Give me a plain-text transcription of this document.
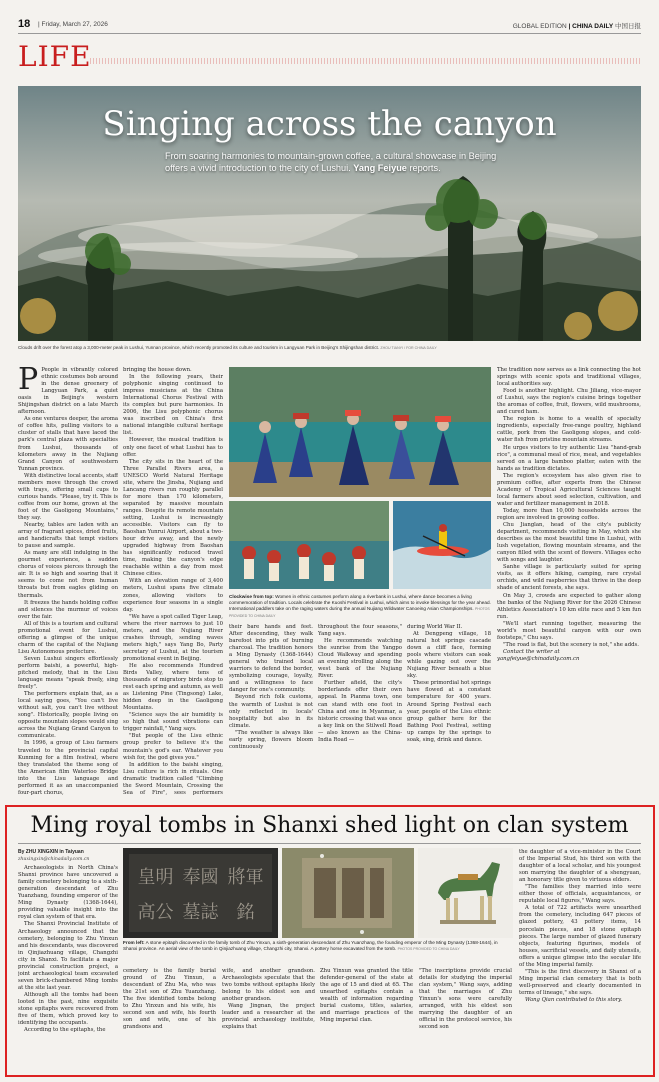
18 | Friday, March 27, 2026	GLOBAL EDITION | CHINA DAILY 中国日报
LIFE
Singing across the canyon
From soaring harmonies to mountain-grown coffee, a cultural showcase in Beijing offers a vivid introduction to the city of Lushui. Yang Feiyue reports.
Clouds drift over the forest atop a 3,000-meter peak in Lushui, Yunnan province, which recently promoted its culture and tourism in Langyuan Park in Beijing's Shijingshan district. ZHOU TIANYI / FOR CHINA DAILY

P People in vibrantly colored ethnic costumes bob around in the dense greenery of Langyuan Park, a quiet oasis in Beijing's western Shijingshan district on a late March afternoon.

As one ventures deeper, the aroma of coffee hits, pulling visitors to a cluster of stalls that have laced the park's central plaza with specialties from Lushui, thousands of kilometers away in the Nujiang Grand Canyon of southwestern Yunnan province.

With distinctive local accents, staff members move through the crowd with trays, offering small cups to curious hands. "Please, try it. This is coffee from our home, grown at the foot of the Gaoligong Mountains," they say.

Nearby, tables are laden with an array of fragrant spices, dried fruits, and handicrafts that tempt visitors to pause and sample.

As many are still indulging in the gourmet experience, a sudden chorus of voices pierces through the air. It is so high and soaring that it seems to come not from human throats but from eagles gliding on thermals.

It freezes the hands holding coffee and silences the murmur of voices over the fair.

All of this is a tourism and cultural promotional event for Lushui, offering a glimpse of the unique charm of the capital of the Nujiang Lisu Autonomous prefecture.

Seven Lushui singers effortlessly perform baishi, a powerful, high-pitched melody, that in the Lisu language means "speak freely, sing freely".

The performers explain that, as a local saying goes, "You can't live without salt, you can't live without song". Historically, people living on opposite mountain slopes would sing across the Nujiang Grand Canyon to communicate.

In 1996, a group of Lisu farmers traveled to the provincial capital Kunming for a film festival, where they translated the theme song of the American film Waterloo Bridge into the Lisu language and performed it as an unaccompanied four-part chorus,

bringing the house down.

In the following years, their polyphonic singing continued to impress musicians at the China International Chorus Festival with its complex but pure harmonies. In 2006, the Lisu polyphonic chorus was inscribed on China's first national intangible cultural heritage list.

However, the musical tradition is only one facet of what Lushui has to offer.

The city sits in the heart of the Three Parallel Rivers area, a UNESCO World Natural Heritage site, where the Jinsha, Nujiang and Lancang rivers run roughly parallel for more than 170 kilometers, separated by massive mountain ranges. Despite its remote mountain setting, Lushui is increasingly accessible. Visitors can fly to Baoshan Yunrui Airport, about a two-hour drive away, and the newly upgraded highway from Baoshan has significantly reduced travel time, making the canyon's edge reachable within a day from most Chinese cities.

With an elevation range of 3,400 meters, Lushui spans five climate zones, allowing visitors to experience four seasons in a single day.

"We have a spot called Tiger Leap, where the river narrows to just 10 meters, and the Nujiang River crashes through, sending waves meters high," says Yang Bo, Party secretary of Lushui, at the tourism promotional event in Beijing.

He also recommends Hundred Birds Valley, where tens of thousands of migratory birds stop to rest each spring and autumn, as well as Listening Pine (Tingsong) Lake, hidden deep in the Gaoligong Mountains.

"Science says the air humidity is so high that sound vibrations can trigger rainfall," Yang says.

"But people of the Lisu ethnic group prefer to believe it's the mountain's god's ear. Whatever you wish for, the god gives you."

In addition to the baishi singing, Lisu culture is rich in rituals. One dramatic tradition called "Climbing the Sword Mountain, Crossing the Sea of Fire", sees performers

Clockwise from top: Women in ethnic costumes perform along a riverbank in Lushui, where dance becomes a living commemoration of tradition. Locals celebrate the Kuoshi Festival in Lushui, which aims to invoke blessings for the year ahead. International paddlers take on the raging waters during the annual Nujiang Wildwater Canoeing Asian Championships. PHOTOS PROVIDED TO CHINA DAILY

their bare hands and feet. After descending, they walk barefoot into pits of burning charcoal. The tradition honors a Ming Dynasty (1368-1644) general who trained local warriors to defend the border, symbolizing courage, loyalty, and a willingness to face danger for one's community.

Beyond rich folk customs, the warmth of Lushui is not only reflected in locals' hospitality but also in its climate.

"The weather is always like early spring, flowers bloom continuously

throughout the four seasons," Yang says.

He recommends watching the sunrise from the Yangpo Cloud Walkway and spending an evening strolling along the west bank of the Nujiang River.

Further afield, the city's borderlands offer their own appeal. In Pianma town, one can stand with one foot in China and one in Myanmar, a historic crossing that was once a key link on the Stilwell Road — also known as the China-India Road —

during World War II.

At Dengpeng village, 18 natural hot springs cascade down a cliff face, forming pools where visitors can soak while gazing out over the Nujiang River beneath a blue sky.

These primordial hot springs have flowed at a constant temperature for 400 years. Around Spring Festival each year, people of the Lisu ethnic group gather here for the Bathing Pool Festival, setting up camps by the springs to soak, sing, drink and dance.

The tradition now serves as a link connecting the hot springs with scenic spots and traditional villages, local authorities say.

Food is another highlight. Chu Jiliang, vice-mayor of Lushui, says the region's cuisine brings together the aromas of coffee, fruit, flowers, wild mushrooms, and cured ham.

The region is home to a wealth of specialty ingredients, especially free-range poultry, highland cattle, pork from the Gaoligong slopes, and cold-water fish from pristine mountain streams.

He urges visitors to try authentic Lisu "hand-grab rice", a communal meal of rice, meat, and vegetables served on a large bamboo platter, eaten with the hands as tradition dictates.

The region's ecosystem has also given rise to premium coffee, after experts from the Chinese Academy of Tropical Agricultural Sciences taught local farmers about seed selection, cultivation, and water and fertilizer management in 2018.

Today, more than 10,000 households across the region are involved in growing coffee.

Chu Jianglan, head of the city's publicity department, recommends visiting in May, which she describes as the most beautiful time in Lushui, with lush vegetation, flowing mountain streams, and the canyon filled with the scent of flowers. Villages echo with songs and laughter.

Sanhe village is particularly suited for spring visits, as it offers hiking, camping, rare crystal orchids, and wild raspberries that thrive in the deep shade of ancient forests, she says.

On May 3, crowds are expected to gather along the banks of the Nujiang River for the 2026 Chinese Athletics Association's 10 km elite race and 5 km fun run.

"We'll start running together, measuring the world's most beautiful canyon with our own footsteps," Chu says.

"The road is flat, but the scenery is not," she adds.

Contact the writer at
yangfeiyue@chinadaily.com.cn

Ming royal tombs in Shanxi shed light on clan system

By ZHU XINGXIN in Taiyuan

zhuxingxin@chinadaily.com.cn

Archaeologists in North China's Shanxi province have uncovered a family cemetery belonging to a sixth-generation descendant of Zhu Yuanzhang, founding emperor of the Ming Dynasty (1368-1644), providing valuable insight into the royal clan system of that era.

The Shanxi Provincial Institute of Archaeology announced that the cemetery, belonging to Zhu Yinxun and his descendants, was discovered in Qinjiazhuang village, Changzhi city in Shanxi. To facilitate a major provincial construction project, a joint archaeological team excavated seven brick-chambered Ming tombs at the site last year.

Although all the tombs had been looted in the past, nine exquisite stone epitaphs were recovered from five of them, which proved key to identifying the occupants.

According to the epitaphs, the

皇明 奉國 將軍
高公 墓誌	銘
From left: A stone epitaph discovered in the family tomb of Zhu Yinxun, a sixth-generation descendant of Zhu Yuanzhang, the founding emperor of the Ming Dynasty (1368-1644), in Shanxi province. An aerial view of the tomb in Qinjiazhuang village, Changzhi city, Shanxi. A pottery horse excavated from the tomb. PHOTOS PROVIDED TO CHINA DAILY

cemetery is the family burial ground of Zhu Yinxun, a descendant of Zhu Ma, who was the 21st son of Zhu Yuanzhang. The five identified tombs belong to Zhu Yinxun and his wife, his second son and wife, his fourth son and wife, one of his grandsons and

wife, and another grandson. Archaeologists speculate that the two tombs without epitaphs likely belong to his eldest son and another grandson.

Wang Jingnan, the project leader and a researcher at the provincial archaeology institute, explains that

Zhu Yinxun was granted the title defender-general of the state at the age of 15 and died at 65. The unearthed epitaphs contain a wealth of information regarding burial customs, titles, salaries, and marriage practices of the Ming imperial clan.

"The inscriptions provide crucial details for studying the imperial clan system," Wang says, adding that the marriages of Zhu Yinxun's sons were carefully arranged, with his eldest son marrying the daughter of an official in the protocol service, his second son

the daughter of a vice-minister in the Court of the Imperial Stud, his third son with the daughter of a local scholar, and his youngest son marrying the daughter of a shengyuan, an honorary title given to virtuous elders.

"The families they married into were either those of officials, acquaintances, or reputable local figures," Wang says.

A total of 722 artifacts were unearthed from the cemetery, including 647 pieces of glazed pottery, 43 pottery items, 14 porcelain pieces, and 18 stone epitaph pieces. The large number of glazed funerary objects, featuring figurines, models of houses, sacrificial vessels, and daily utensils, offers a unique glimpse into the secular life of the Ming imperial family.

"This is the first discovery in Shanxi of a Ming imperial clan cemetery that is both well-preserved and clearly documented in terms of lineage," she says.

Wang Qian contributed to this story.
